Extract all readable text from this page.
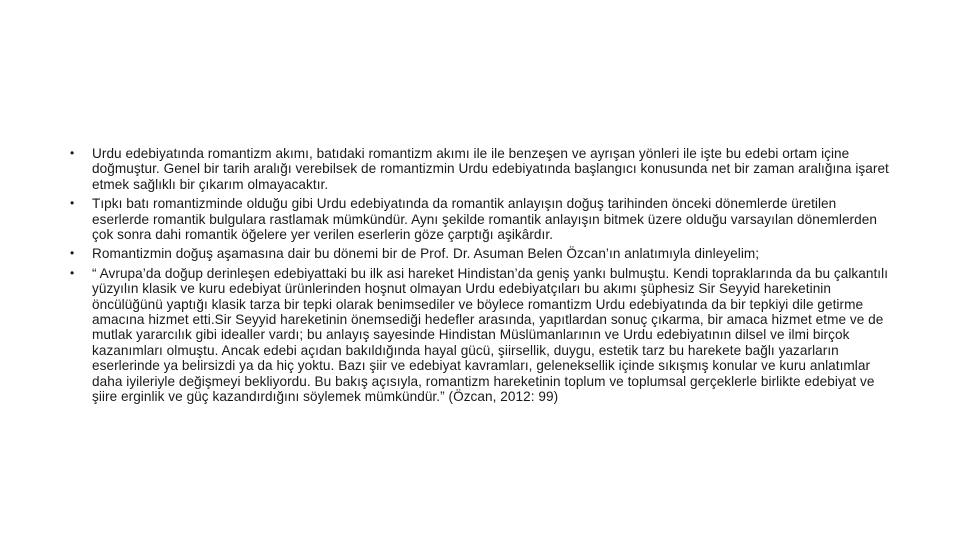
•	Urdu edebiyatında romantizm akımı, batıdaki romantizm akımı ile ile benzeşen ve ayrışan yönleri ile işte bu edebi ortam içine doğmuştur. Genel bir tarih aralığı verebilsek de romantizmin Urdu edebiyatında başlangıcı konusunda net bir zaman aralığına işaret etmek sağlıklı bir çıkarım olmayacaktır.
•	Tıpkı batı romantizminde olduğu gibi Urdu edebiyatında da romantik anlayışın doğuş tarihinden önceki dönemlerde üretilen eserlerde romantik bulgulara rastlamak mümkündür. Aynı şekilde romantik anlayışın bitmek üzere olduğu varsayılan dönemlerden çok sonra dahi romantik öğelere yer verilen eserlerin göze çarptığı aşikârdır.
•	Romantizmin doğuş aşamasına dair bu dönemi bir de Prof. Dr. Asuman Belen Özcan’ın anlatımıyla dinleyelim;
•	“ Avrupa’da doğup derinleşen edebiyattaki bu ilk asi hareket Hindistan’da geniş yankı bulmuştu. Kendi topraklarında da bu çalkantılı yüzyılın klasik ve kuru edebiyat ürünlerinden hoşnut olmayan Urdu edebiyatçıları bu akımı şüphesiz Sir Seyyid hareketinin öncülüğünü yaptığı klasik tarza bir tepki olarak benimsediler ve böylece romantizm Urdu edebiyatında da bir tepkiyi dile getirme amacına hizmet etti.Sir Seyyid hareketinin önemsediği hedefler arasında, yapıtlardan sonuç çıkarma, bir amaca hizmet etme ve de mutlak yararcılık gibi idealler vardı; bu anlayış sayesinde Hindistan Müslümanlarının ve Urdu edebiyatının dilsel ve ilmi birçok kazanımları olmuştu. Ancak edebi açıdan bakıldığında hayal gücü, şiirsellik, duygu, estetik tarz bu harekete bağlı yazarların eserlerinde ya belirsizdi ya da hiç yoktu. Bazı şiir ve edebiyat kavramları, geleneksellik içinde sıkışmış konular ve kuru anlatımlar daha iyileriyle değişmeyi bekliyordu. Bu bakış açısıyla, romantizm hareketinin toplum ve toplumsal gerçeklerle birlikte edebiyat ve şiire erginlik ve güç kazandırdığını söylemek mümkündür.” (Özcan, 2012: 99)
